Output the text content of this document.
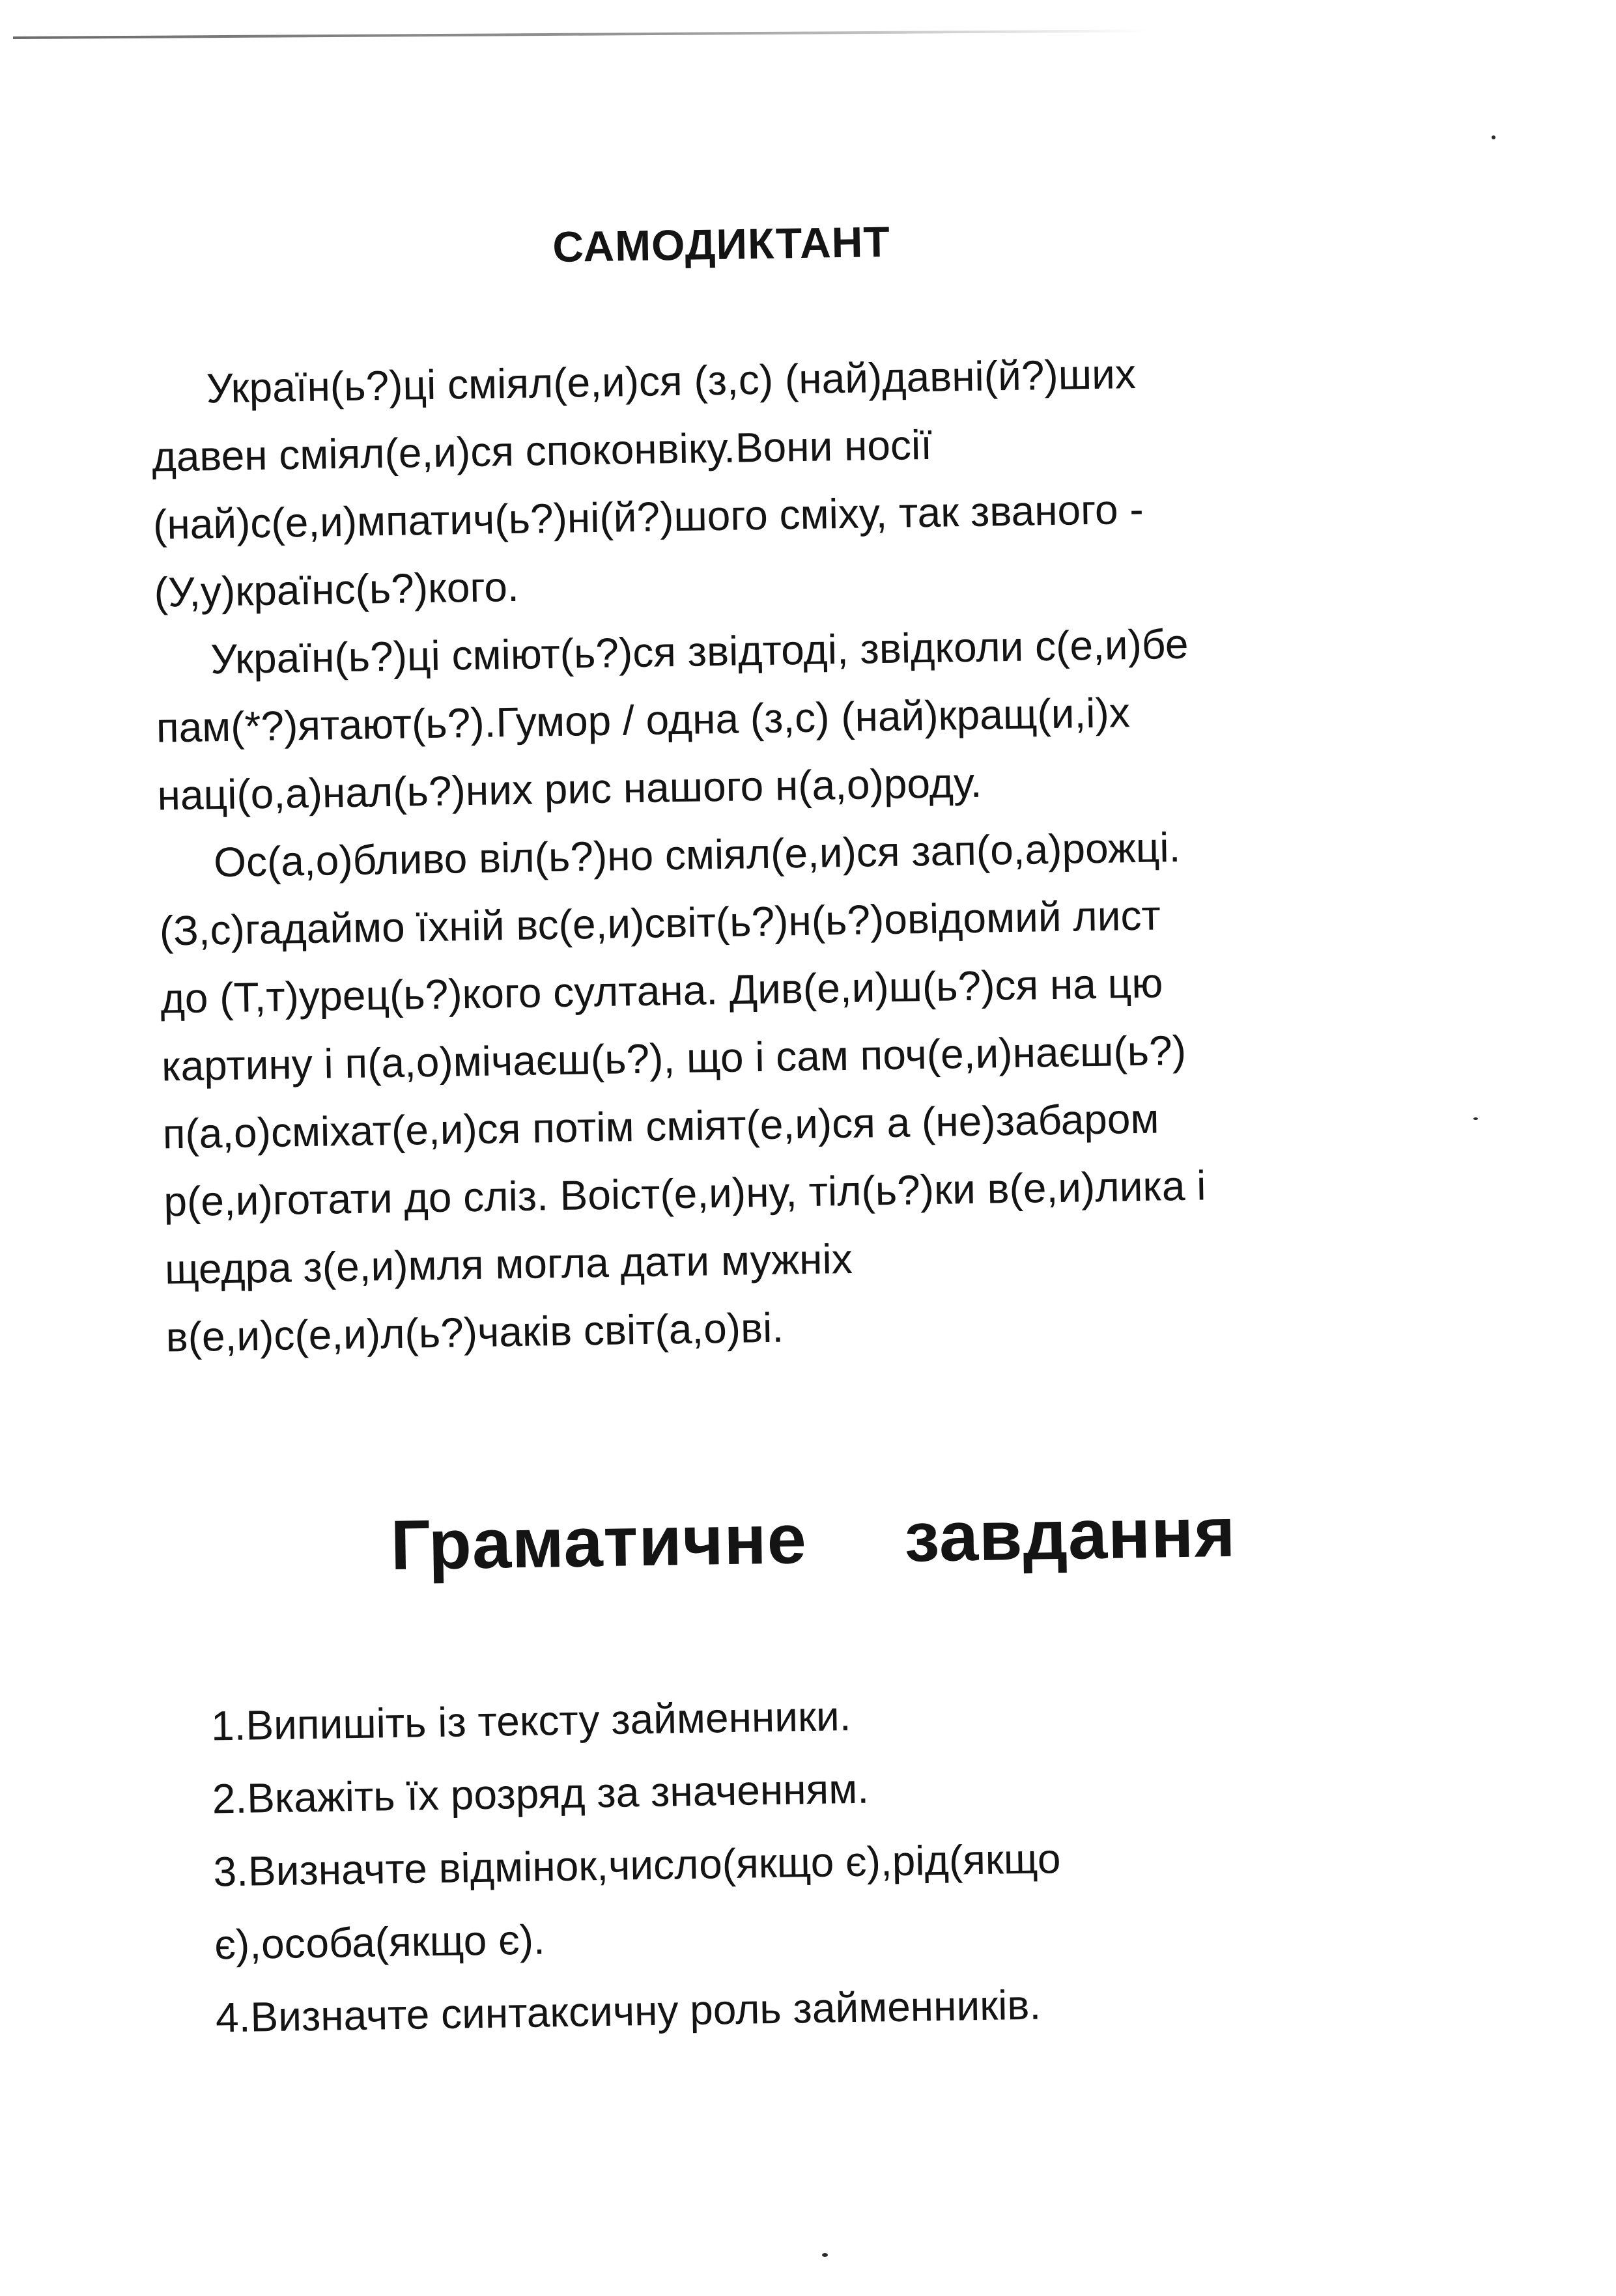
САМОДИКТАНТ
Україн(ь?)ці сміял(е,и)ся (з,с) (най)давні(й?)ших
давен сміял(е,и)ся споконвіку.Вони носії
(най)с(е,и)мпатич(ь?)ні(й?)шого сміху, так званого -
(У,у)країнс(ь?)кого.
Україн(ь?)ці сміют(ь?)ся звідтоді, звідколи с(е,и)бе
пам(*?)ятают(ь?).Гумор / одна (з,с) (най)кращ(и,і)х
наці(о,а)нал(ь?)них рис нашого н(а,о)роду.
Ос(а,о)бливо віл(ь?)но сміял(е,и)ся зап(о,а)рожці.
(З,с)гадаймо їхній вс(е,и)світ(ь?)н(ь?)овідомий лист
до (Т,т)урец(ь?)кого султана. Див(е,и)ш(ь?)ся на цю
картину і п(а,о)мічаєш(ь?), що і сам поч(е,и)наєш(ь?)
п(а,о)сміхат(е,и)ся потім сміят(е,и)ся а (не)забаром
р(е,и)готати до сліз. Воіст(е,и)ну, тіл(ь?)ки в(е,и)лика і
щедра з(е,и)мля могла дати мужніх
в(е,и)с(е,и)л(ь?)чаків світ(а,о)ві.
Граматичне завдання
1.Випишіть із тексту займенники.
2.Вкажіть їх розряд за значенням.
3.Визначте відмінок,число(якщо є),рід(якщо
є),особа(якщо є).
4.Визначте синтаксичну роль займенників.
